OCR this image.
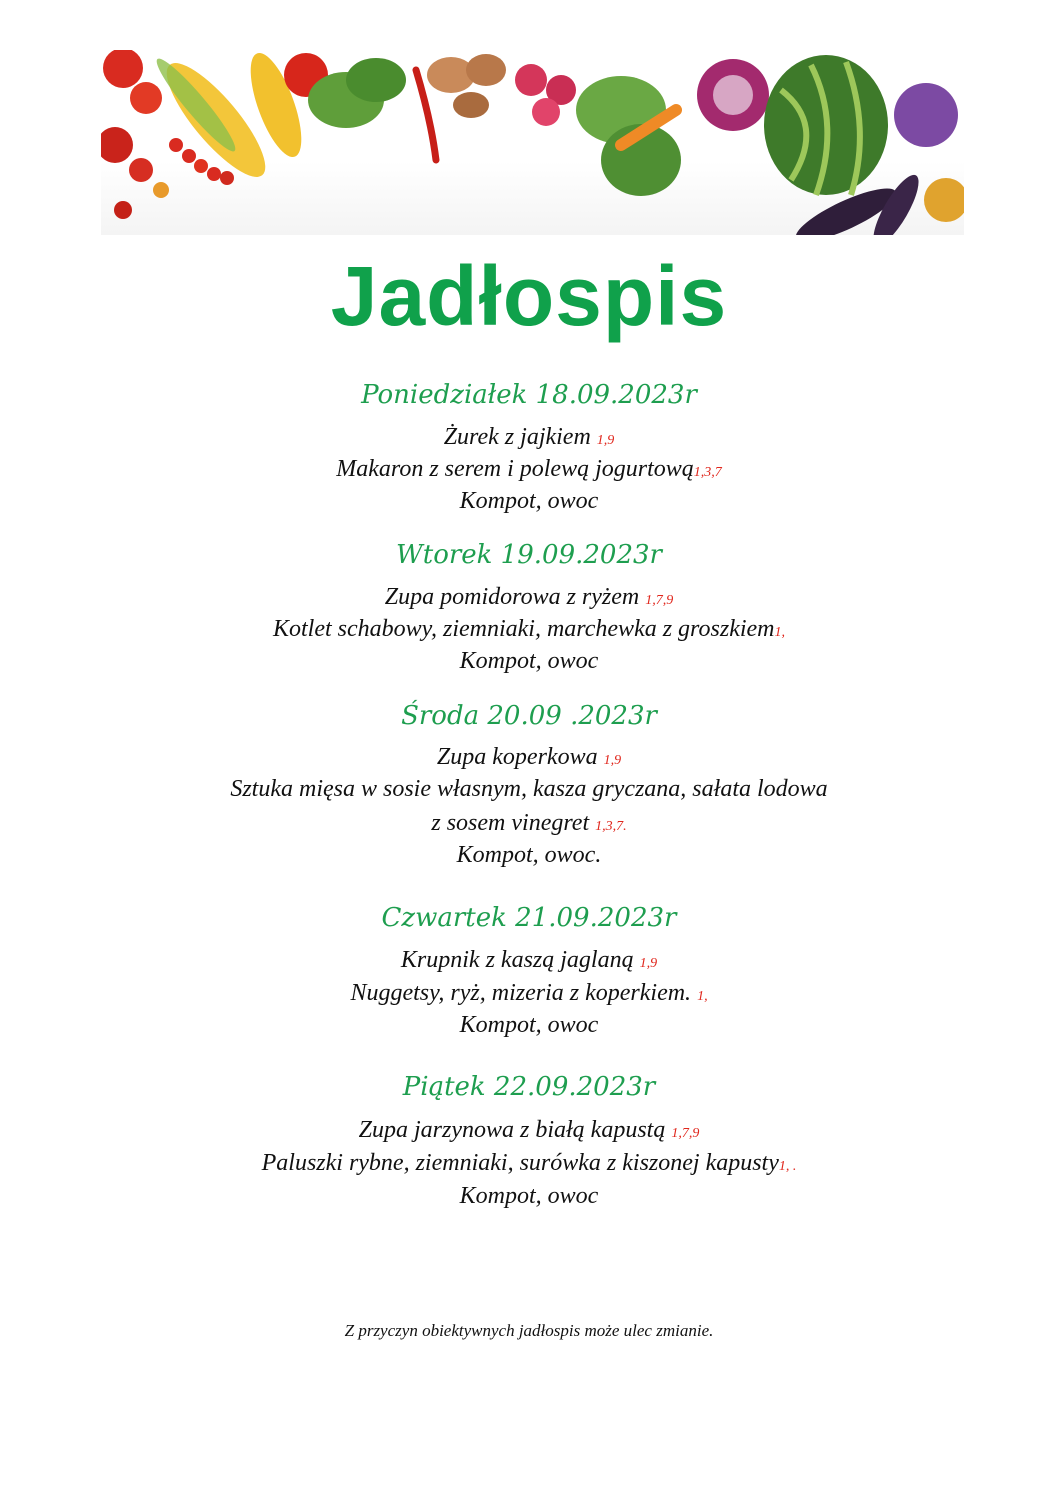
Jadłospis
Poniedziałek 18.09.2023r
Żurek z jajkiem 1,9
Makaron z serem i polewą jogurtową1,3,7
Kompot, owoc
Wtorek 19.09.2023r
Zupa pomidorowa z ryżem 1,7,9
Kotlet schabowy, ziemniaki, marchewka z groszkiem1,
Kompot, owoc
Środa 20.09 .2023r
Zupa koperkowa 1,9
Sztuka mięsa w sosie własnym, kasza gryczana, sałata lodowa
z sosem vinegret 1,3,7.
Kompot, owoc.
Czwartek 21.09.2023r
Krupnik z kaszą jaglaną 1,9
Nuggetsy, ryż, mizeria z koperkiem. 1,
Kompot, owoc
Piątek 22.09.2023r
Zupa jarzynowa z białą kapustą 1,7,9
Paluszki rybne, ziemniaki, surówka z kiszonej kapusty1, .
Kompot, owoc
Z przyczyn obiektywnych jadłospis może ulec zmianie.
